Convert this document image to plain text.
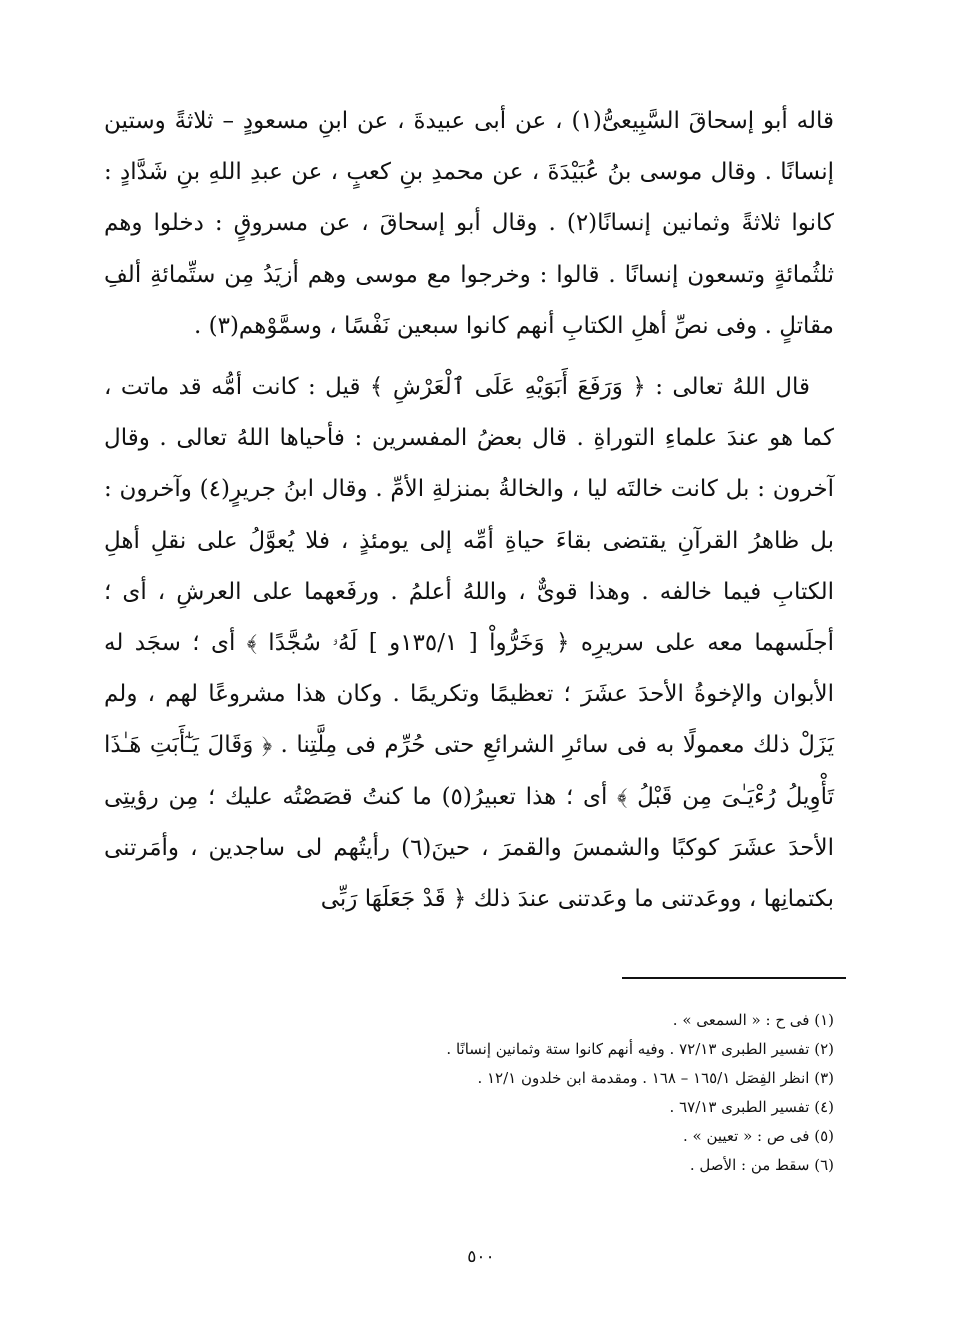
قاله أبو إسحاقَ السَّبِيعىُّ(١) ، عن أبى عبيدةَ ، عن ابنِ مسعودٍ – ثلاثةً وستين إنسانًا . وقال موسى بنُ عُبَيْدَةَ ، عن محمدِ بنِ كعبٍ ، عن عبدِ اللهِ بنِ شَدَّادٍ : كانوا ثلاثةً وثمانين إنسانًا(٢) . وقال أبو إسحاقَ ، عن مسروقٍ : دخلوا وهم ثلثُمائةٍ وتسعون إنسانًا . قالوا : وخرجوا مع موسى وهم أزيَدُ مِن ستِّمائةِ ألفِ مقاتلٍ . وفى نصِّ أهلِ الكتابِ أنهم كانوا سبعين نَفْسًا ، وسمَّوْهم(٣) .

قال اللهُ تعالى : ﴿ وَرَفَعَ أَبَوَيْهِ عَلَى ٱلْعَرْشِ ﴾ قيل : كانت أمُّه قد ماتت ، كما هو عندَ علماءِ التوراةِ . قال بعضُ المفسرين : فأحياها اللهُ تعالى . وقال آخرون : بل كانت خالتَه ليا ، والخالةُ بمنزلةِ الأمِّ . وقال ابنُ جريرٍ(٤) وآخرون : بل ظاهرُ القرآنِ يقتضى بقاءَ حياةِ أمِّه إلى يومئذٍ ، فلا يُعوَّلُ على نقلِ أهلِ الكتابِ فيما خالفه . وهذا قوىٌّ ، واللهُ أعلمُ . ورفَعهما على العرشِ ، أى ؛ أجلَسهما معه على سريرِه ﴿ وَخَرُّواْ [ ١٣٥/١و ] لَهُۥ سُجَّدًا ﴾ أى ؛ سجَد له الأبوان والإخوةُ الأحدَ عشَرَ ؛ تعظيمًا وتكريمًا . وكان هذا مشروعًا لهم ، ولم يَزَلْ ذلك معمولًا به فى سائرِ الشرائعِ حتى حُرِّم فى مِلَّتِنا . ﴿ وَقَالَ يَـٰٓأَبَتِ هَـٰذَا تَأْوِيلُ رُءْيَـٰىَ مِن قَبْلُ ﴾ أى ؛ هذا تعبيرُ(٥) ما كنتُ قصَصْتُه عليك ؛ مِن رؤيتِى الأحدَ عشَرَ كوكبًا والشمسَ والقمرَ ، حينَ(٦) رأيتُهم لى ساجدين ، وأمَرتنى بكتمانِها ، ووعَدتنى ما وعَدتنى عندَ ذلك ﴿ قَدْ جَعَلَهَا رَبِّى

(١) فى ح : « السمعى » .

(٢) تفسير الطبرى ٧٢/١٣ . وفيه أنهم كانوا ستة وثمانين إنسانًا .

(٣) انظر الفِصَل ١٦٥/١ – ١٦٨ . ومقدمة ابن خلدون ١٢/١ .

(٤) تفسير الطبرى ٦٧/١٣ .

(٥) فى ص : « تعيين » .

(٦) سقط من : الأصل .

٥٠٠
